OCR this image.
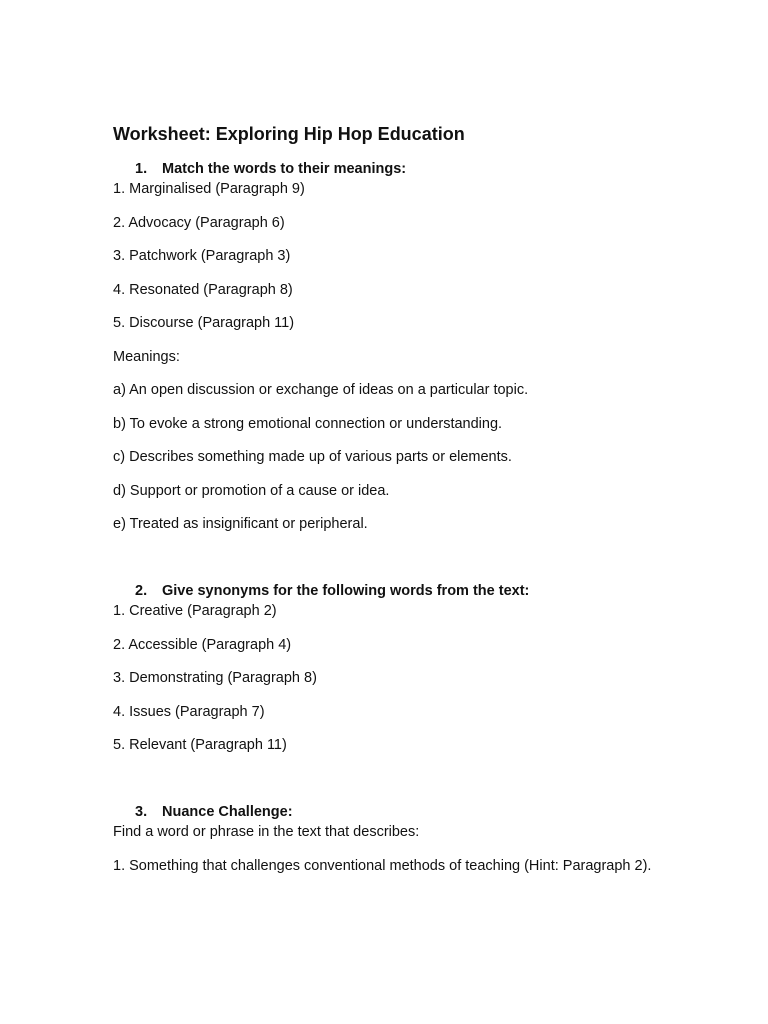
Worksheet: Exploring Hip Hop Education
1.	Match the words to their meanings:

1. Marginalised (Paragraph 9)

2. Advocacy (Paragraph 6)

3. Patchwork (Paragraph 3)

4. Resonated (Paragraph 8)

5. Discourse (Paragraph 11)

Meanings:

a) An open discussion or exchange of ideas on a particular topic.

b) To evoke a strong emotional connection or understanding.

c) Describes something made up of various parts or elements.

d) Support or promotion of a cause or idea.

e) Treated as insignificant or peripheral.

2.	Give synonyms for the following words from the text:

1. Creative (Paragraph 2)

2. Accessible (Paragraph 4)

3. Demonstrating (Paragraph 8)

4. Issues (Paragraph 7)

5. Relevant (Paragraph 11)

3.	Nuance Challenge:

Find a word or phrase in the text that describes:

1. Something that challenges conventional methods of teaching (Hint: Paragraph 2).
